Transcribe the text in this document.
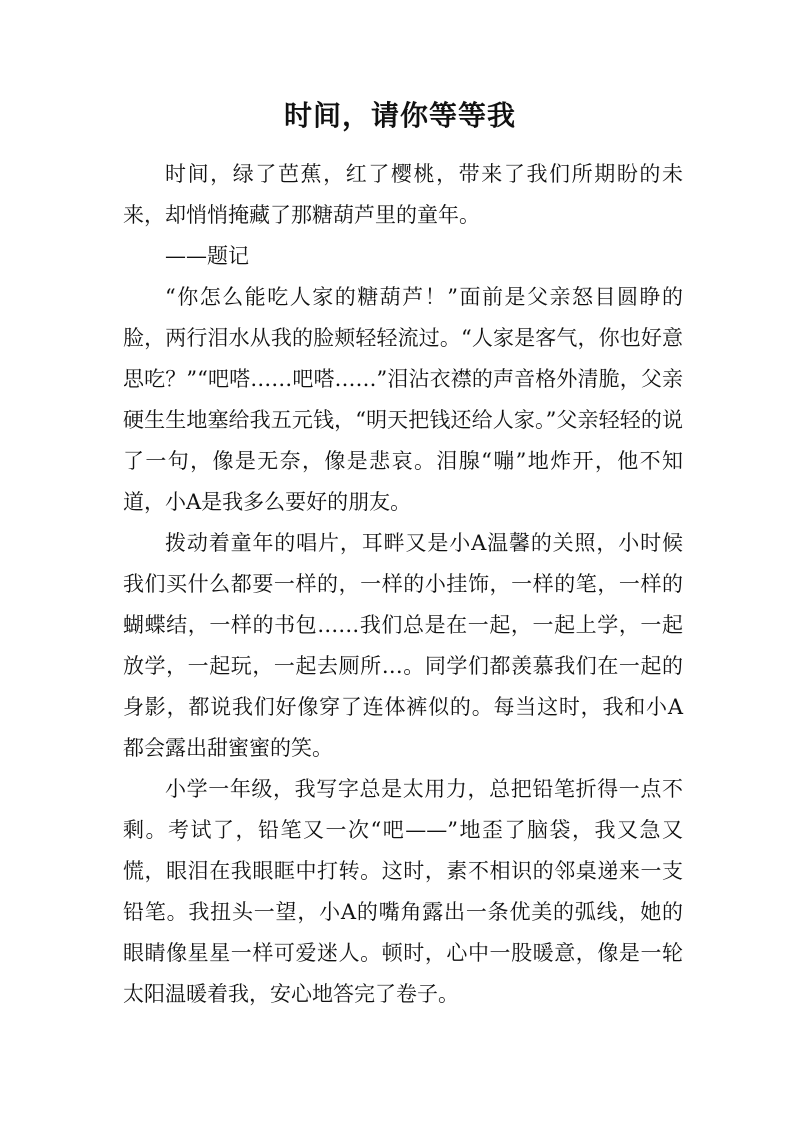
时间，请你等等我

时间，绿了芭蕉，红了樱桃，带来了我们所期盼的未来，却悄悄掩藏了那糖葫芦里的童年。

——题记

“你怎么能吃人家的糖葫芦！”面前是父亲怒目圆睁的脸，两行泪水从我的脸颊轻轻流过。“人家是客气，你也好意思吃？”“吧嗒……吧嗒……”泪沾衣襟的声音格外清脆，父亲硬生生地塞给我五元钱，“明天把钱还给人家。”父亲轻轻的说了一句，像是无奈，像是悲哀。泪腺“嘣”地炸开，他不知道，小A是我多么要好的朋友。

拨动着童年的唱片，耳畔又是小A温馨的关照，小时候我们买什么都要一样的，一样的小挂饰，一样的笔，一样的蝴蝶结，一样的书包……我们总是在一起，一起上学，一起放学，一起玩，一起去厕所…。同学们都羡慕我们在一起的身影，都说我们好像穿了连体裤似的。每当这时，我和小A都会露出甜蜜蜜的笑。

小学一年级，我写字总是太用力，总把铅笔折得一点不剩。考试了，铅笔又一次“吧——”地歪了脑袋，我又急又慌，眼泪在我眼眶中打转。这时，素不相识的邻桌递来一支铅笔。我扭头一望，小A的嘴角露出一条优美的弧线，她的眼睛像星星一样可爱迷人。顿时，心中一股暖意，像是一轮太阳温暖着我，安心地答完了卷子。
